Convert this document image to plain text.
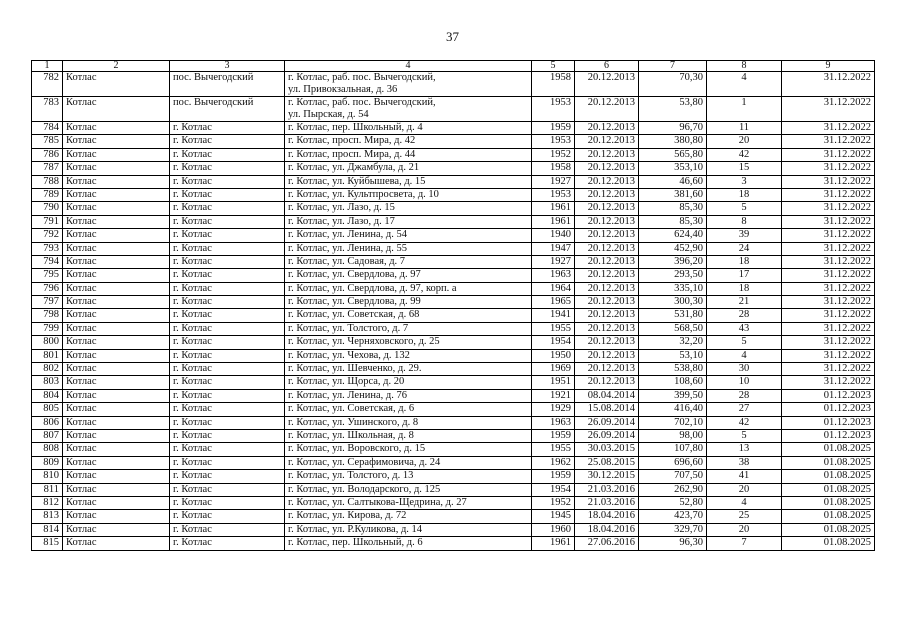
37
1	2	3	4	5	6	7	8	9
782	Котлас	пос. Вычегодский	г. Котлас, раб. пос. Вычегодский,
ул. Привокзальная, д. 36	1958	20.12.2013	70,30	4	31.12.2022
783	Котлас	пос. Вычегодский	г. Котлас, раб. пос. Вычегодский,
ул. Пырская, д. 54	1953	20.12.2013	53,80	1	31.12.2022
784	Котлас	г. Котлас	г. Котлас, пер. Школьный, д. 4	1959	20.12.2013	96,70	11	31.12.2022
785	Котлас	г. Котлас	г. Котлас, просп. Мира, д. 42	1953	20.12.2013	380,80	20	31.12.2022
786	Котлас	г. Котлас	г. Котлас, просп. Мира, д. 44	1952	20.12.2013	565,80	42	31.12.2022
787	Котлас	г. Котлас	г. Котлас, ул. Джамбула, д. 21	1958	20.12.2013	353,10	15	31.12.2022
788	Котлас	г. Котлас	г. Котлас, ул. Куйбышева, д. 15	1927	20.12.2013	46,60	3	31.12.2022
789	Котлас	г. Котлас	г. Котлас, ул. Культпросвета, д. 10	1953	20.12.2013	381,60	18	31.12.2022
790	Котлас	г. Котлас	г. Котлас, ул. Лазо, д. 15	1961	20.12.2013	85,30	5	31.12.2022
791	Котлас	г. Котлас	г. Котлас, ул. Лазо, д. 17	1961	20.12.2013	85,30	8	31.12.2022
792	Котлас	г. Котлас	г. Котлас, ул. Ленина, д. 54	1940	20.12.2013	624,40	39	31.12.2022
793	Котлас	г. Котлас	г. Котлас, ул. Ленина, д. 55	1947	20.12.2013	452,90	24	31.12.2022
794	Котлас	г. Котлас	г. Котлас, ул. Садовая, д. 7	1927	20.12.2013	396,20	18	31.12.2022
795	Котлас	г. Котлас	г. Котлас, ул. Свердлова, д. 97	1963	20.12.2013	293,50	17	31.12.2022
796	Котлас	г. Котлас	г. Котлас, ул. Свердлова, д. 97, корп. а	1964	20.12.2013	335,10	18	31.12.2022
797	Котлас	г. Котлас	г. Котлас, ул. Свердлова, д. 99	1965	20.12.2013	300,30	21	31.12.2022
798	Котлас	г. Котлас	г. Котлас, ул. Советская, д. 68	1941	20.12.2013	531,80	28	31.12.2022
799	Котлас	г. Котлас	г. Котлас, ул. Толстого, д. 7	1955	20.12.2013	568,50	43	31.12.2022
800	Котлас	г. Котлас	г. Котлас, ул. Черняховского, д. 25	1954	20.12.2013	32,20	5	31.12.2022
801	Котлас	г. Котлас	г. Котлас, ул. Чехова, д. 132	1950	20.12.2013	53,10	4	31.12.2022
802	Котлас	г. Котлас	г. Котлас, ул. Шевченко, д. 29.	1969	20.12.2013	538,80	30	31.12.2022
803	Котлас	г. Котлас	г. Котлас, ул. Щорса, д. 20	1951	20.12.2013	108,60	10	31.12.2022
804	Котлас	г. Котлас	г. Котлас, ул. Ленина, д. 76	1921	08.04.2014	399,50	28	01.12.2023
805	Котлас	г. Котлас	г. Котлас, ул. Советская, д. 6	1929	15.08.2014	416,40	27	01.12.2023
806	Котлас	г. Котлас	г. Котлас, ул. Ушинского, д. 8	1963	26.09.2014	702,10	42	01.12.2023
807	Котлас	г. Котлас	г. Котлас, ул. Школьная, д. 8	1959	26.09.2014	98,00	5	01.12.2023
808	Котлас	г. Котлас	г. Котлас, ул. Воровского, д. 15	1955	30.03.2015	107,80	13	01.08.2025
809	Котлас	г. Котлас	г. Котлас, ул. Серафимовича, д. 24	1962	25.08.2015	696,60	38	01.08.2025
810	Котлас	г. Котлас	г. Котлас, ул. Толстого, д. 13	1959	30.12.2015	707,50	41	01.08.2025
811	Котлас	г. Котлас	г. Котлас, ул. Володарского, д. 125	1954	21.03.2016	262,90	20	01.08.2025
812	Котлас	г. Котлас	г. Котлас, ул. Салтыкова-Щедрина, д. 27	1952	21.03.2016	52,80	4	01.08.2025
813	Котлас	г. Котлас	г. Котлас, ул. Кирова, д. 72	1945	18.04.2016	423,70	25	01.08.2025
814	Котлас	г. Котлас	г. Котлас, ул. Р.Куликова, д. 14	1960	18.04.2016	329,70	20	01.08.2025
815	Котлас	г. Котлас	г. Котлас, пер. Школьный, д. 6	1961	27.06.2016	96,30	7	01.08.2025
